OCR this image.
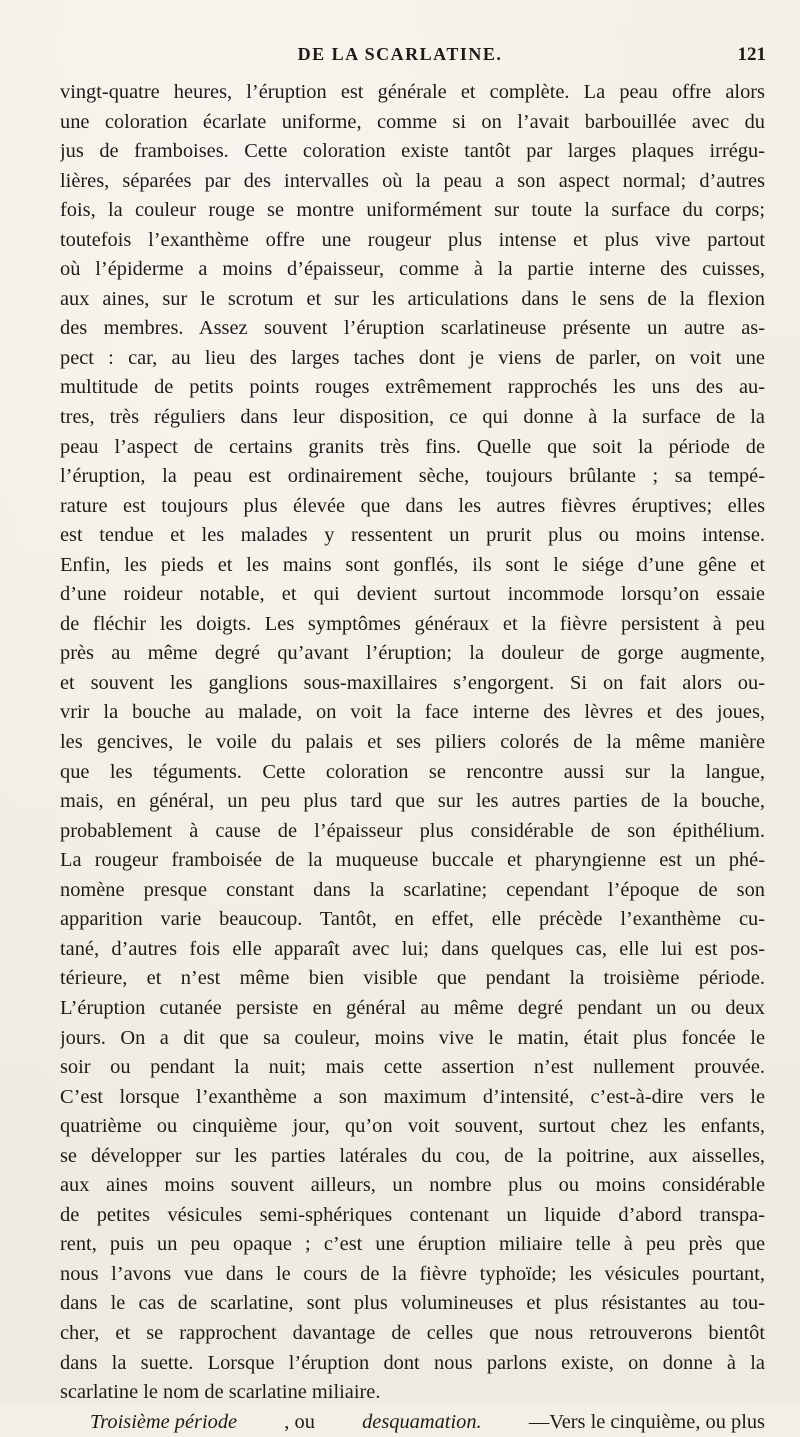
DE LA SCARLATINE.	121
vingt-quatre heures, l’éruption est générale et complète. La peau offre alors
une coloration écarlate uniforme, comme si on l’avait barbouillée avec du
jus de framboises. Cette coloration existe tantôt par larges plaques irrégu-
lières, séparées par des intervalles où la peau a son aspect normal; d’autres
fois, la couleur rouge se montre uniformément sur toute la surface du corps;
toutefois l’exanthème offre une rougeur plus intense et plus vive partout
où l’épiderme a moins d’épaisseur, comme à la partie interne des cuisses,
aux aines, sur le scrotum et sur les articulations dans le sens de la flexion
des membres. Assez souvent l’éruption scarlatineuse présente un autre as-
pect : car, au lieu des larges taches dont je viens de parler, on voit une
multitude de petits points rouges extrêmement rapprochés les uns des au-
tres, très réguliers dans leur disposition, ce qui donne à la surface de la
peau l’aspect de certains granits très fins. Quelle que soit la période de
l’éruption, la peau est ordinairement sèche, toujours brûlante ; sa tempé-
rature est toujours plus élevée que dans les autres fièvres éruptives; elles
est tendue et les malades y ressentent un prurit plus ou moins intense.
Enfin, les pieds et les mains sont gonflés, ils sont le siége d’une gêne et
d’une roideur notable, et qui devient surtout incommode lorsqu’on essaie
de fléchir les doigts. Les symptômes généraux et la fièvre persistent à peu
près au même degré qu’avant l’éruption; la douleur de gorge augmente,
et souvent les ganglions sous-maxillaires s’engorgent. Si on fait alors ou-
vrir la bouche au malade, on voit la face interne des lèvres et des joues,
les gencives, le voile du palais et ses piliers colorés de la même manière
que les téguments. Cette coloration se rencontre aussi sur la langue,
mais, en général, un peu plus tard que sur les autres parties de la bouche,
probablement à cause de l’épaisseur plus considérable de son épithélium.
La rougeur framboisée de la muqueuse buccale et pharyngienne est un phé-
nomène presque constant dans la scarlatine; cependant l’époque de son
apparition varie beaucoup. Tantôt, en effet, elle précède l’exanthème cu-
tané, d’autres fois elle apparaît avec lui; dans quelques cas, elle lui est pos-
térieure, et n’est même bien visible que pendant la troisième période.
L’éruption cutanée persiste en général au même degré pendant un ou deux
jours. On a dit que sa couleur, moins vive le matin, était plus foncée le
soir ou pendant la nuit; mais cette assertion n’est nullement prouvée.
C’est lorsque l’exanthème a son maximum d’intensité, c’est-à-dire vers le
quatrième ou cinquième jour, qu’on voit souvent, surtout chez les enfants,
se développer sur les parties latérales du cou, de la poitrine, aux aisselles,
aux aines moins souvent ailleurs, un nombre plus ou moins considérable
de petites vésicules semi-sphériques contenant un liquide d’abord transpa-
rent, puis un peu opaque ; c’est une éruption miliaire telle à peu près que
nous l’avons vue dans le cours de la fièvre typhoïde; les vésicules pourtant,
dans le cas de scarlatine, sont plus volumineuses et plus résistantes au tou-
cher, et se rapprochent davantage de celles que nous retrouverons bientôt
dans la suette. Lorsque l’éruption dont nous parlons existe, on donne à la
scarlatine le nom de scarlatine miliaire.
Troisième période , ou desquamation. —Vers le cinquième, ou plus
